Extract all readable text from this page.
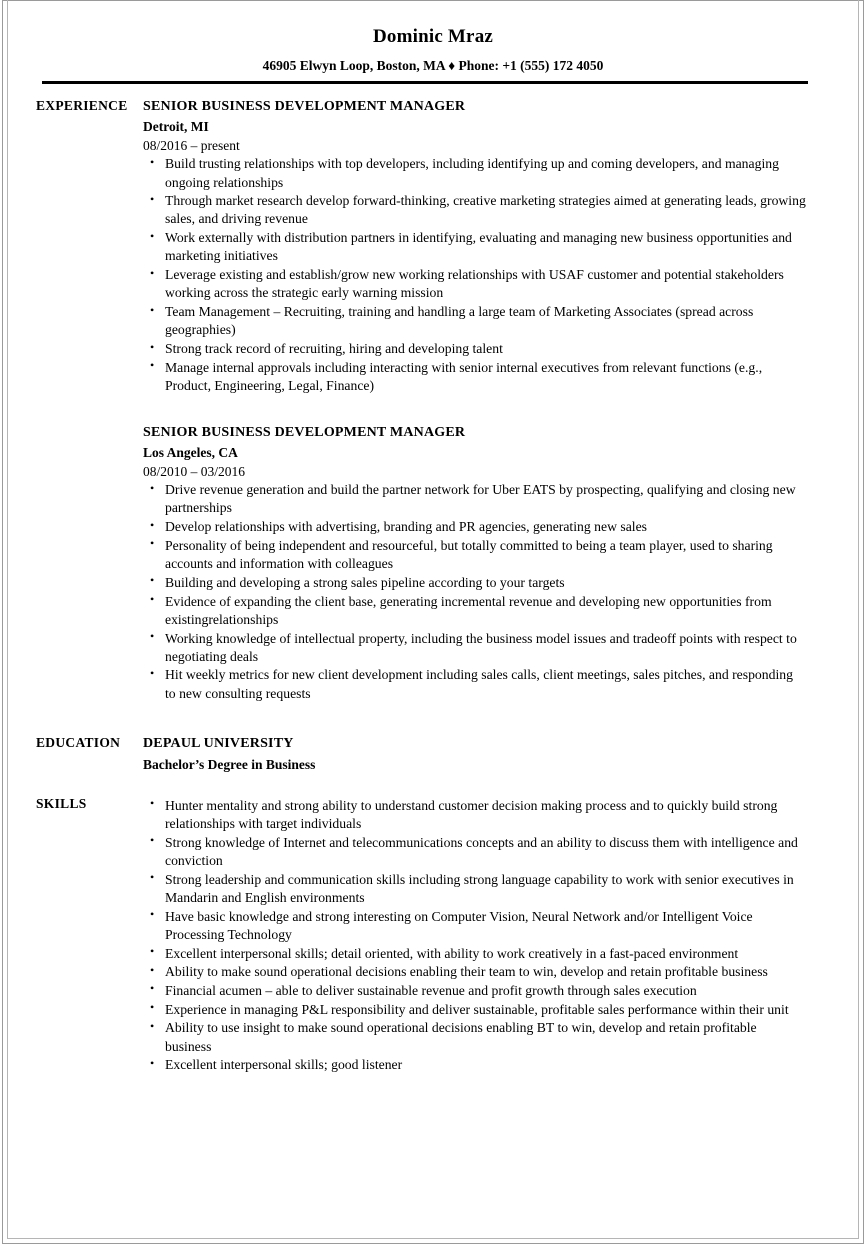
Dominic Mraz
46905 Elwyn Loop, Boston, MA ♦ Phone: +1 (555) 172 4050
EXPERIENCE	SENIOR BUSINESS DEVELOPMENT MANAGER
Detroit, MI
08/2016 – present
• Build trusting relationships with top developers, including identifying up and coming developers, and managing ongoing relationships
• Through market research develop forward-thinking, creative marketing strategies aimed at generating leads, growing sales, and driving revenue
• Work externally with distribution partners in identifying, evaluating and managing new business opportunities and marketing initiatives
• Leverage existing and establish/grow new working relationships with USAF customer and potential stakeholders working across the strategic early warning mission
• Team Management – Recruiting, training and handling a large team of Marketing Associates (spread across geographies)
• Strong track record of recruiting, hiring and developing talent
• Manage internal approvals including interacting with senior internal executives from relevant functions (e.g., Product, Engineering, Legal, Finance)
SENIOR BUSINESS DEVELOPMENT MANAGER
Los Angeles, CA
08/2010 – 03/2016
• Drive revenue generation and build the partner network for Uber EATS by prospecting, qualifying and closing new partnerships
• Develop relationships with advertising, branding and PR agencies, generating new sales
• Personality of being independent and resourceful, but totally committed to being a team player, used to sharing accounts and information with colleagues
• Building and developing a strong sales pipeline according to your targets
• Evidence of expanding the client base, generating incremental revenue and developing new opportunities from existingrelationships
• Working knowledge of intellectual property, including the business model issues and tradeoff points with respect to negotiating deals
• Hit weekly metrics for new client development including sales calls, client meetings, sales pitches, and responding to new consulting requests
EDUCATION	DEPAUL UNIVERSITY
Bachelor’s Degree in Business
SKILLS	• Hunter mentality and strong ability to understand customer decision making process and to quickly build strong relationships with target individuals
• Strong knowledge of Internet and telecommunications concepts and an ability to discuss them with intelligence and conviction
• Strong leadership and communication skills including strong language capability to work with senior executives in Mandarin and English environments
• Have basic knowledge and strong interesting on Computer Vision, Neural Network and/or Intelligent Voice Processing Technology
• Excellent interpersonal skills; detail oriented, with ability to work creatively in a fast-paced environment
• Ability to make sound operational decisions enabling their team to win, develop and retain profitable business
• Financial acumen – able to deliver sustainable revenue and profit growth through sales execution
• Experience in managing P&L responsibility and deliver sustainable, profitable sales performance within their unit
• Ability to use insight to make sound operational decisions enabling BT to win, develop and retain profitable business
• Excellent interpersonal skills; good listener
